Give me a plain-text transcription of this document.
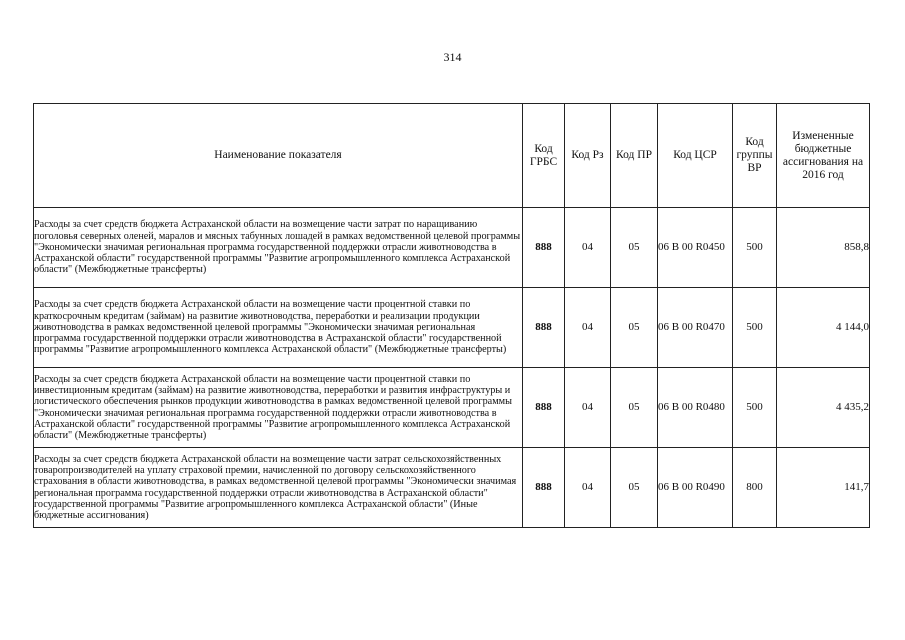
314
Наименование показателя	Код ГРБС	Код Рз	Код ПР	Код ЦСР	Код группы ВР	Измененные бюджетные ассигнования на 2016 год
Расходы за счет средств бюджета Астраханской области на возмещение части затрат по наращиванию поголовья северных оленей, маралов и мясных табунных лошадей в рамках ведомственной целевой программы "Экономически значимая региональная программа государственной поддержки отрасли животноводства в Астраханской области" государственной программы "Развитие агропромышленного комплекса Астраханской области" (Межбюджетные трансферты)	888	04	05	06 В 00 R0450	500	858,8
Расходы за счет средств бюджета Астраханской области на возмещение части процентной ставки по краткосрочным кредитам (займам) на развитие животноводства, переработки и реализации продукции животноводства в рамках ведомственной целевой программы "Экономически значимая региональная программа государственной поддержки отрасли животноводства в Астраханской области" государственной программы "Развитие агропромышленного комплекса Астраханской области" (Межбюджетные трансферты)	888	04	05	06 В 00 R0470	500	4 144,0
Расходы за счет средств бюджета Астраханской области на возмещение части процентной ставки по инвестиционным кредитам (займам) на развитие животноводства, переработки и развития инфраструктуры и логистического обеспечения рынков продукции животноводства в рамках ведомственной целевой программы "Экономически значимая региональная программа государственной поддержки отрасли животноводства в Астраханской области" государственной программы "Развитие агропромышленного комплекса Астраханской области" (Межбюджетные трансферты)	888	04	05	06 В 00 R0480	500	4 435,2
Расходы за счет средств бюджета Астраханской области на возмещение части затрат сельскохозяйственных товаропроизводителей на уплату страховой премии, начисленной по договору сельскохозяйственного страхования в области животноводства, в рамках ведомственной целевой программы "Экономически значимая региональная программа государственной поддержки отрасли животноводства в Астраханской области" государственной программы "Развитие агропромышленного комплекса Астраханской области" (Иные бюджетные ассигнования)	888	04	05	06 В 00 R0490	800	141,7
